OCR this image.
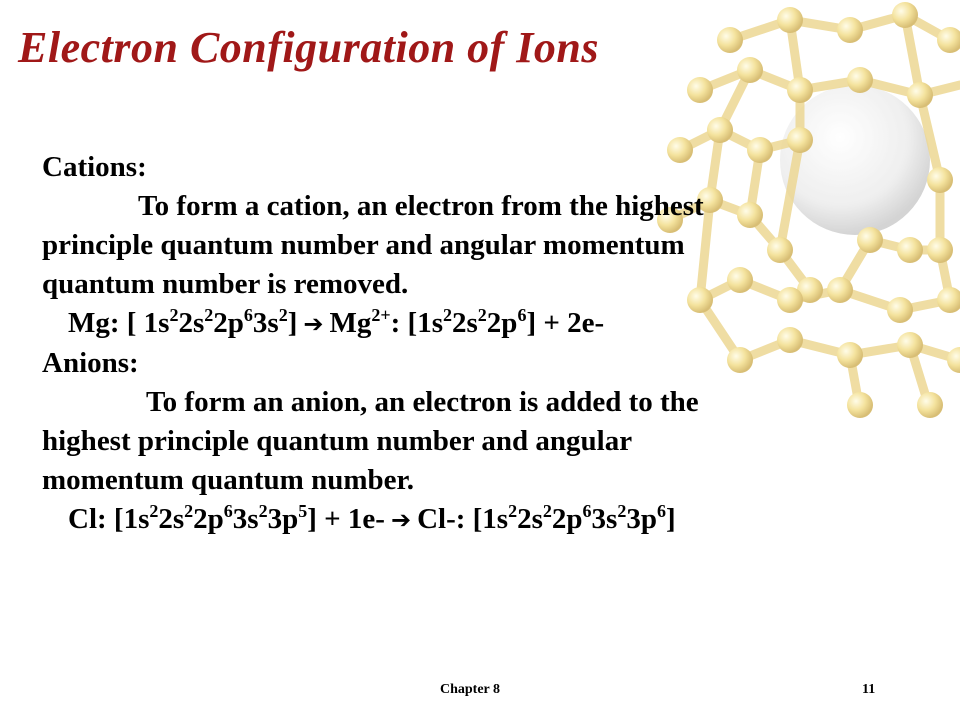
Electron Configuration of Ions
Cations:
To form a cation, an electron from the highest
principle quantum number and angular momentum
quantum number is removed.
Mg: [ $1s^22s^22p^63s^2$] ➔ $Mg^{2+}$: $[1s^22s^22p^6] + 2e-$
Anions:
To form an anion, an electron is added to the
highest principle quantum number and angular
momentum quantum number.
Cl: $[1s^22s^22p^63s^23p^5] + 1e-$ ➔ Cl-: $[1s^22s^22p^63s^23p^6]$
Chapter 8	11
